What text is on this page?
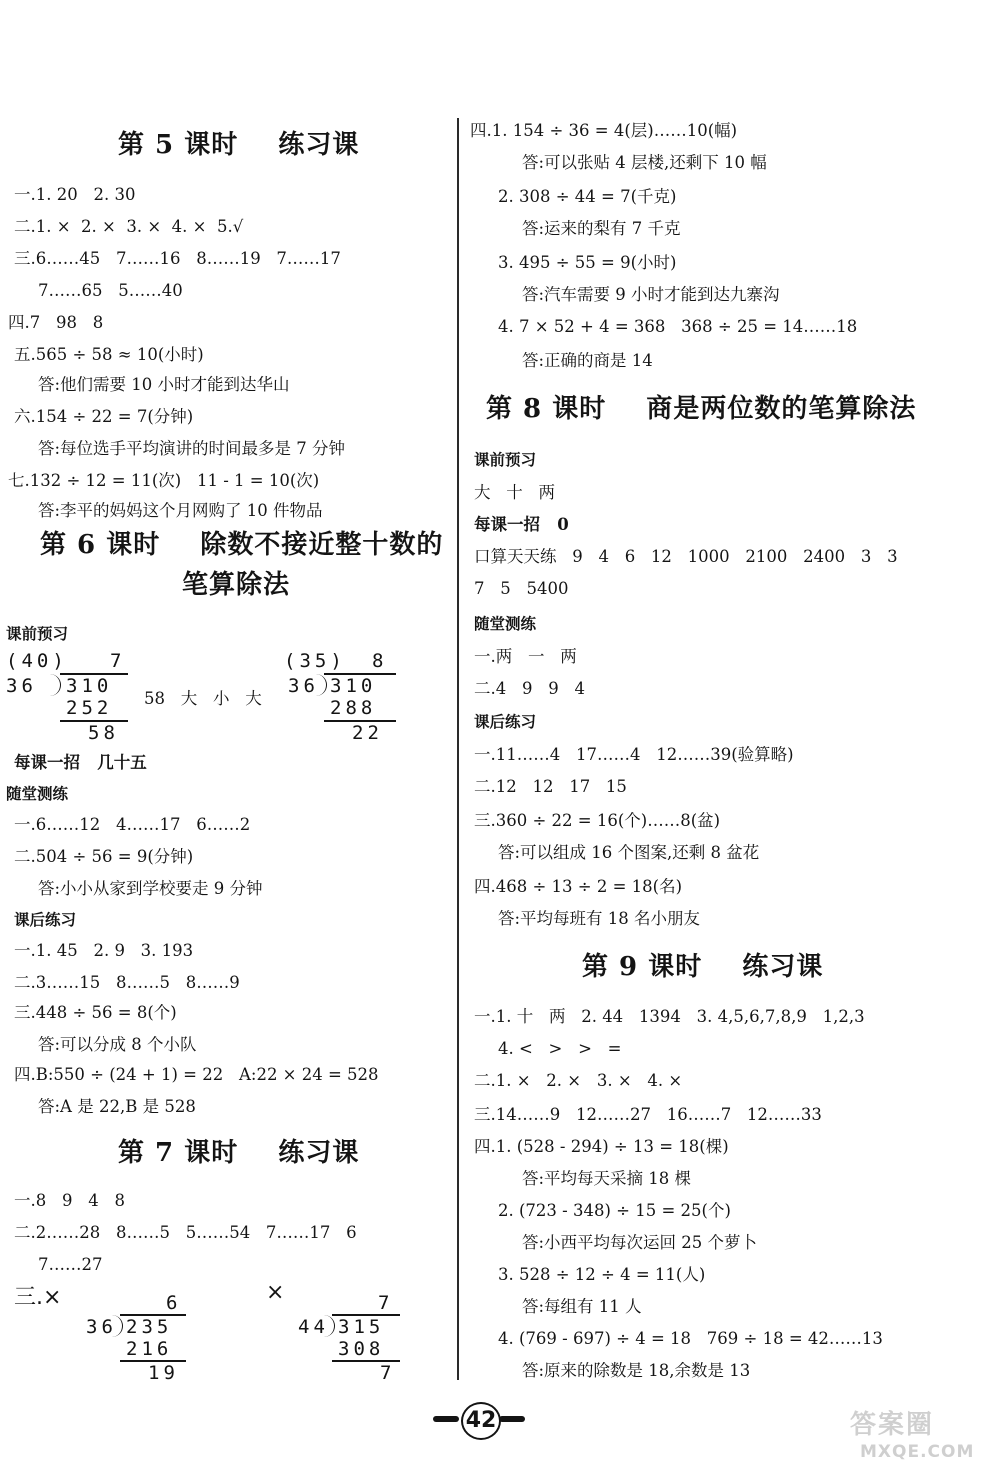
第 5 课时    练习课
一.1. 20   2. 30
二.1. ×  2. ×  3. ×  4. ×  5.√
三.6……45   7……16   8……19   7……17
7……65   5……40
四.7   98   8
五.565 ÷ 58 ≈ 10(小时)
答:他们需要 10 小时才能到达华山
六.154 ÷ 22 = 7(分钟)
答:每位选手平均演讲的时间最多是 7 分钟
七.132 ÷ 12 = 11(次)   11 - 1 = 10(次)
答:李平的妈妈这个月网购了 10 件物品
第 6 课时    除数不接近整十数的
笔算除法
课前预习
(40) 7
36 310
252
58
58   大   小   大
(35) 8
36 310
288
22
每课一招   几十五
随堂测练
一.6……12   4……17   6……2
二.504 ÷ 56 = 9(分钟)
答:小小从家到学校要走 9 分钟
课后练习
一.1. 45   2. 9   3. 193
二.3……15   8……5   8……9
三.448 ÷ 56 = 8(个)
答:可以分成 8 个小队
四.B:550 ÷ (24 + 1) = 22   A:22 × 24 = 528
答:A 是 22,B 是 528
第 7 课时    练习课
一.8   9   4   8
二.2……28   8……5   5……54   7……17   6
7……27
三.×	×
6
36 235
216
19
7
44 315
308
7
四.1. 154 ÷ 36 = 4(层)……10(幅)
答:可以张贴 4 层楼,还剩下 10 幅
2. 308 ÷ 44 = 7(千克)
答:运来的梨有 7 千克
3. 495 ÷ 55 = 9(小时)
答:汽车需要 9 小时才能到达九寨沟
4. 7 × 52 + 4 = 368   368 ÷ 25 = 14……18
答:正确的商是 14
第 8 课时    商是两位数的笔算除法
课前预习
大   十   两
每课一招   0
口算天天练   9   4   6   12   1000   2100   2400   3   3
7   5   5400
随堂测练
一.两   一   两
二.4   9   9   4
课后练习
一.11……4   17……4   12……39(验算略)
二.12   12   17   15
三.360 ÷ 22 = 16(个)……8(盆)
答:可以组成 16 个图案,还剩 8 盆花
四.468 ÷ 13 ÷ 2 = 18(名)
答:平均每班有 18 名小朋友
第 9 课时    练习课
一.1. 十   两   2. 44   1394   3. 4,5,6,7,8,9   1,2,3
4. <   >   >   =
二.1. ×   2. ×   3. ×   4. ×
三.14……9   12……27   16……7   12……33
四.1. (528 - 294) ÷ 13 = 18(棵)
答:平均每天采摘 18 棵
2. (723 - 348) ÷ 15 = 25(个)
答:小西平均每次运回 25 个萝卜
3. 528 ÷ 12 ÷ 4 = 11(人)
答:每组有 11 人
4. (769 - 697) ÷ 4 = 18   769 ÷ 18 = 42……13
答:原来的除数是 18,余数是 13
42	答案圈
MXQE.COM
